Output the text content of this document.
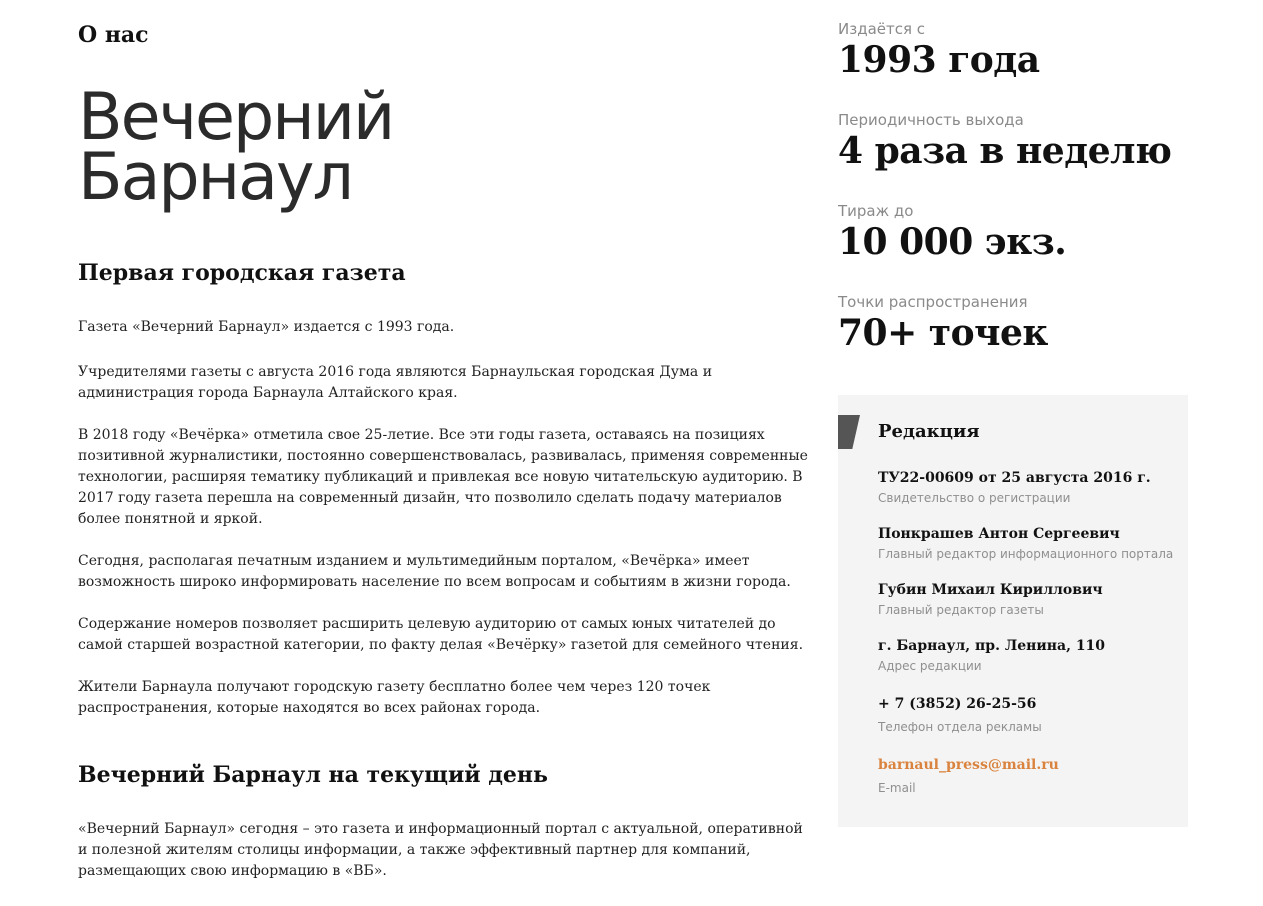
О нас
Вечерний
Барнаул
Первая городская газета

Газета «Вечерний Барнаул» издается с 1993 года.

Учредителями газеты с августа 2016 года являются Барнаульская городская Дума и администрация города Барнаула Алтайского края.

В 2018 году «Вечёрка» отметила свое 25-летие. Все эти годы газета, оставаясь на позициях позитивной журналистики, постоянно совершенствовалась, развивалась, применяя современные технологии, расширяя тематику публикаций и привлекая все новую читательскую аудиторию. В 2017 году газета перешла на современный дизайн, что позволило сделать подачу материалов более понятной и яркой.

Сегодня, располагая печатным изданием и мультимедийным порталом, «Вечёрка» имеет возможность широко информировать население по всем вопросам и событиям в жизни города.

Содержание номеров позволяет расширить целевую аудиторию от самых юных читателей до самой старшей возрастной категории, по факту делая «Вечёрку» газетой для семейного чтения.

Жители Барнаула получают городскую газету бесплатно более чем через 120 точек распространения, которые находятся во всех районах города.

Вечерний Барнаул на текущий день

«Вечерний Барнаул» сегодня – это газета и информационный портал с актуальной, оперативной и полезной жителям столицы информации, а также эффективный партнер для компаний, размещающих свою информацию в «ВБ».

Издаётся с
1993 года
Периодичность выхода
4 раза в неделю
Тираж до
10 000 экз.
Точки распространения
70+ точек
Редакция
ТУ22-00609 от 25 августа 2016 г.
Свидетельство о регистрации
Понкрашев Антон Сергеевич
Главный редактор информационного портала
Губин Михаил Кириллович
Главный редактор газеты
г. Барнаул, пр. Ленина, 110
Адрес редакции
+ 7 (3852) 26-25-56
Телефон отдела рекламы
barnaul_press@mail.ru
E-mail
